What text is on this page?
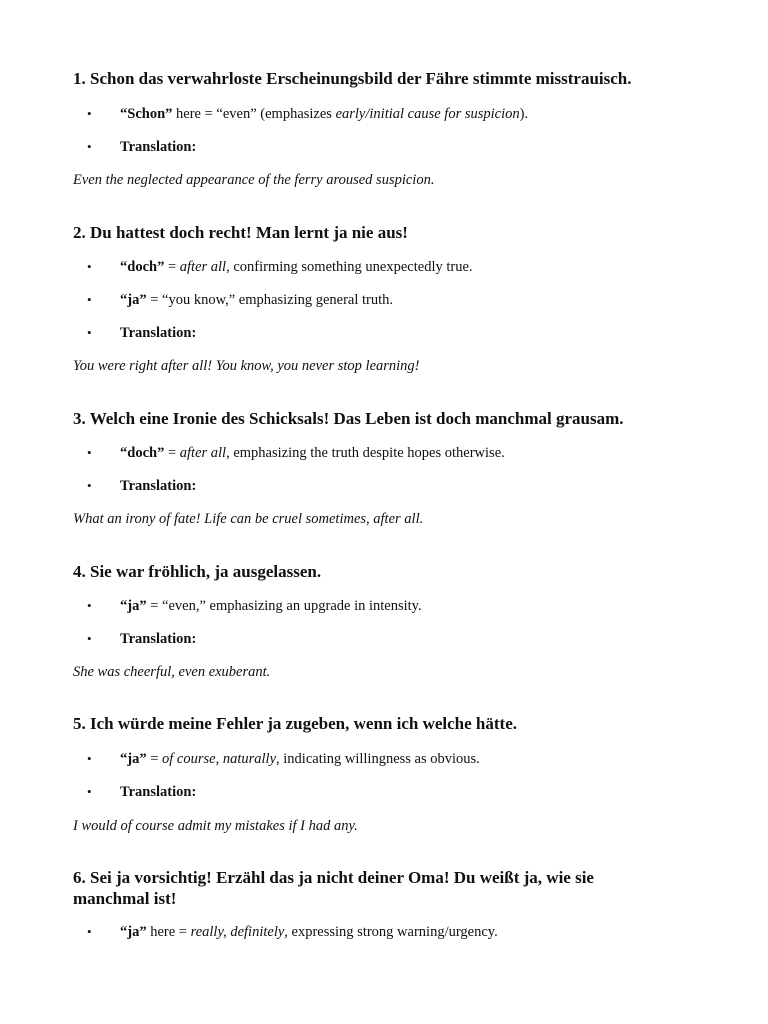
1. Schon das verwahrloste Erscheinungsbild der Fähre stimmte misstrauisch.
• “Schon” here = “even” (emphasizes early/initial cause for suspicion).
• Translation:
Even the neglected appearance of the ferry aroused suspicion.
2. Du hattest doch recht! Man lernt ja nie aus!
• “doch” = after all, confirming something unexpectedly true.
• “ja” = “you know,” emphasizing general truth.
• Translation:
You were right after all! You know, you never stop learning!
3. Welch eine Ironie des Schicksals! Das Leben ist doch manchmal grausam.
• “doch” = after all, emphasizing the truth despite hopes otherwise.
• Translation:
What an irony of fate! Life can be cruel sometimes, after all.
4. Sie war fröhlich, ja ausgelassen.
• “ja” = “even,” emphasizing an upgrade in intensity.
• Translation:
She was cheerful, even exuberant.
5. Ich würde meine Fehler ja zugeben, wenn ich welche hätte.
• “ja” = of course, naturally, indicating willingness as obvious.
• Translation:
I would of course admit my mistakes if I had any.
6. Sei ja vorsichtig! Erzähl das ja nicht deiner Oma! Du weißt ja, wie sie manchmal ist!
• “ja” here = really, definitely, expressing strong warning/urgency.
